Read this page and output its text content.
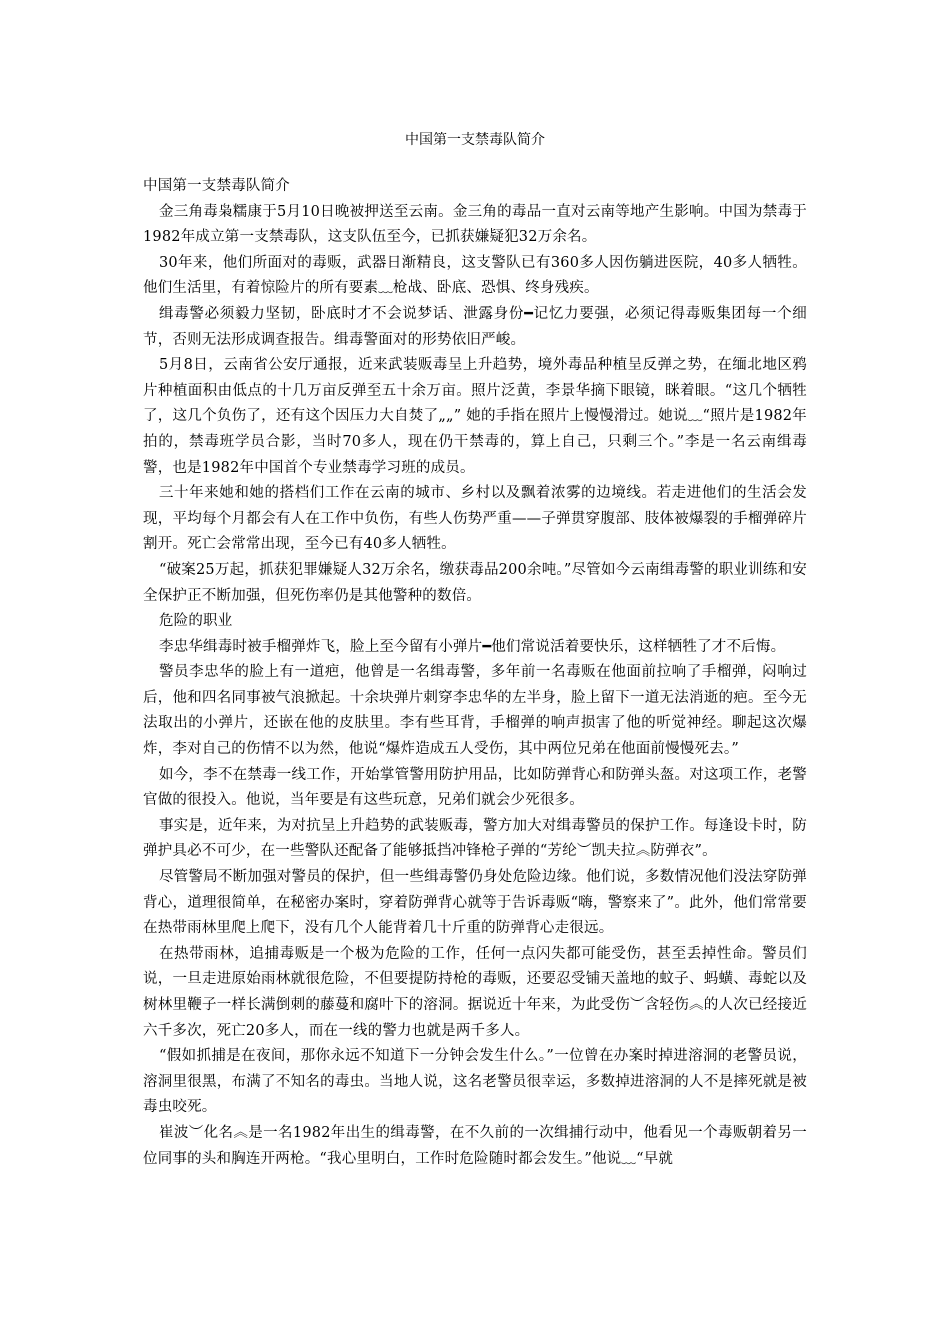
中国第一支禁毒队简介

中国第一支禁毒队简介

金三角毒枭糯康于5月10日晚被押送至云南。金三角的毒品一直对云南等地产生影响。中国为禁毒于1982年成立第一支禁毒队，这支队伍至今，已抓获嫌疑犯32万余名。

30年来，他们所面对的毒贩，武器日渐精良，这支警队已有360多人因伤躺进医院，40多人牺牲。他们生活里，有着惊险片的所有要素﹏枪战、卧底、恐惧、终身残疾。

缉毒警必须毅力坚韧，卧底时才不会说梦话、泄露身份━记忆力要强，必须记得毒贩集团每一个细节，否则无法形成调查报告。缉毒警面对的形势依旧严峻。

5月8日，云南省公安厅通报，近来武装贩毒呈上升趋势，境外毒品种植呈反弹之势，在缅北地区鸦片种植面积由低点的十几万亩反弹至五十余万亩。照片泛黄，李景华摘下眼镜，眯着眼。“这几个牺牲了，这几个负伤了，还有这个因压力大自焚了„„” 她的手指在照片上慢慢滑过。她说﹏“照片是1982年拍的，禁毒班学员合影，当时70多人，现在仍干禁毒的，算上自己，只剩三个。”李是一名云南缉毒警，也是1982年中国首个专业禁毒学习班的成员。

三十年来她和她的搭档们工作在云南的城市、乡村以及飘着浓雾的边境线。若走进他们的生活会发现，平均每个月都会有人在工作中负伤，有些人伤势严重——子弹贯穿腹部、肢体被爆裂的手榴弹碎片割开。死亡会常常出现，至今已有40多人牺牲。

“破案25万起，抓获犯罪嫌疑人32万余名，缴获毒品200余吨。”尽管如今云南缉毒警的职业训练和安全保护正不断加强，但死伤率仍是其他警种的数倍。

危险的职业

李忠华缉毒时被手榴弹炸飞，脸上至今留有小弹片━他们常说活着要快乐，这样牺牲了才不后悔。

警员李忠华的脸上有一道疤，他曾是一名缉毒警，多年前一名毒贩在他面前拉响了手榴弹，闷响过后，他和四名同事被气浪掀起。十余块弹片刺穿李忠华的左半身，脸上留下一道无法消逝的疤。至今无法取出的小弹片，还嵌在他的皮肤里。李有些耳背，手榴弹的响声损害了他的听觉神经。聊起这次爆炸，李对自己的伤情不以为然，他说“爆炸造成五人受伤，其中两位兄弟在他面前慢慢死去。”

如今，李不在禁毒一线工作，开始掌管警用防护用品，比如防弹背心和防弹头盔。对这项工作，老警官做的很投入。他说，当年要是有这些玩意，兄弟们就会少死很多。

事实是，近年来，为对抗呈上升趋势的武装贩毒，警方加大对缉毒警员的保护工作。每逢设卡时，防弹护具必不可少，在一些警队还配备了能够抵挡冲锋枪子弹的“芳纶︶凯夫拉︽防弹衣”。

尽管警局不断加强对警员的保护，但一些缉毒警仍身处危险边缘。他们说，多数情况他们没法穿防弹背心，道理很简单，在秘密办案时，穿着防弹背心就等于告诉毒贩“嗨，警察来了”。此外，他们常常要在热带雨林里爬上爬下，没有几个人能背着几十斤重的防弹背心走很远。

在热带雨林，追捕毒贩是一个极为危险的工作，任何一点闪失都可能受伤，甚至丢掉性命。警员们说，一旦走进原始雨林就很危险，不但要提防持枪的毒贩，还要忍受铺天盖地的蚊子、蚂蟥、毒蛇以及树林里鞭子一样长满倒刺的藤蔓和腐叶下的溶洞。据说近十年来，为此受伤︶含轻伤︽的人次已经接近六千多次，死亡20多人，而在一线的警力也就是两千多人。

“假如抓捕是在夜间，那你永远不知道下一分钟会发生什么。”一位曾在办案时掉进溶洞的老警员说，溶洞里很黑，布满了不知名的毒虫。当地人说，这名老警员很幸运，多数掉进溶洞的人不是摔死就是被毒虫咬死。

崔波︶化名︽是一名1982年出生的缉毒警，在不久前的一次缉捕行动中，他看见一个毒贩朝着另一位同事的头和胸连开两枪。“我心里明白，工作时危险随时都会发生。”他说﹏“早就
